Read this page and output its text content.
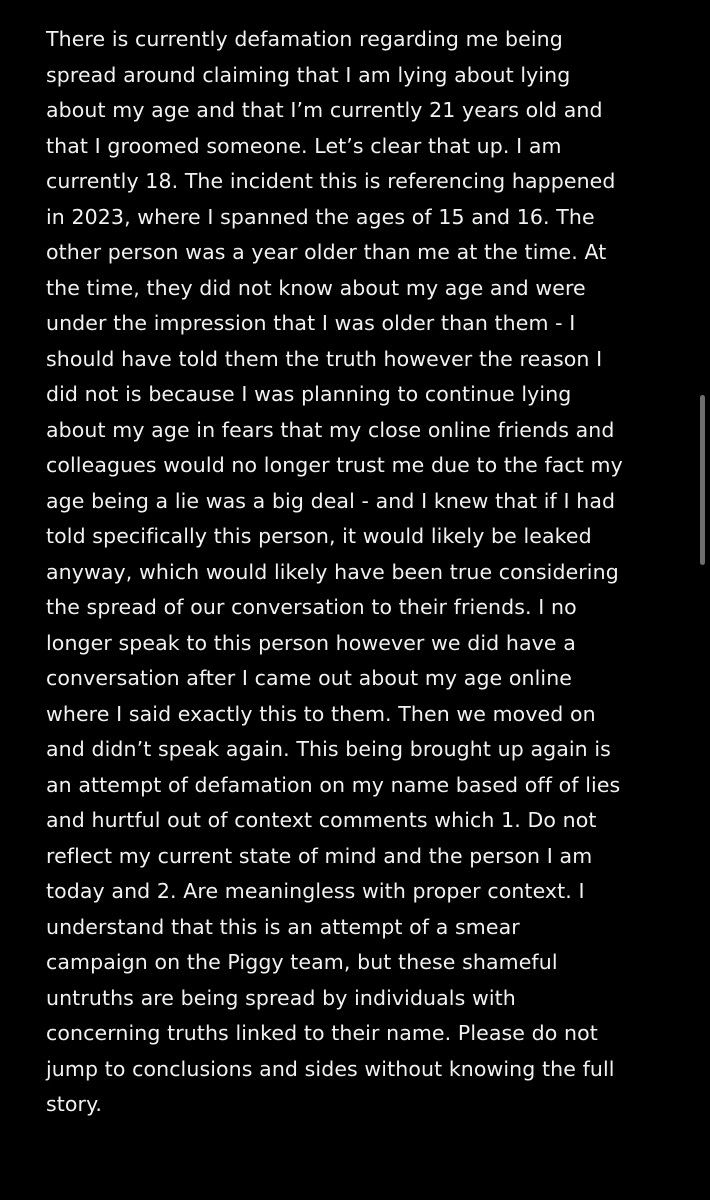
There is currently defamation regarding me being
spread around claiming that I am lying about lying
about my age and that I’m currently 21 years old and
that I groomed someone. Let’s clear that up. I am
currently 18. The incident this is referencing happened
in 2023, where I spanned the ages of 15 and 16. The
other person was a year older than me at the time. At
the time, they did not know about my age and were
under the impression that I was older than them - I
should have told them the truth however the reason I
did not is because I was planning to continue lying
about my age in fears that my close online friends and
colleagues would no longer trust me due to the fact my
age being a lie was a big deal - and I knew that if I had
told specifically this person, it would likely be leaked
anyway, which would likely have been true considering
the spread of our conversation to their friends. I no
longer speak to this person however we did have a
conversation after I came out about my age online
where I said exactly this to them. Then we moved on
and didn’t speak again. This being brought up again is
an attempt of defamation on my name based off of lies
and hurtful out of context comments which 1. Do not
reflect my current state of mind and the person I am
today and 2. Are meaningless with proper context. I
understand that this is an attempt of a smear
campaign on the Piggy team, but these shameful
untruths are being spread by individuals with
concerning truths linked to their name. Please do not
jump to conclusions and sides without knowing the full
story.
